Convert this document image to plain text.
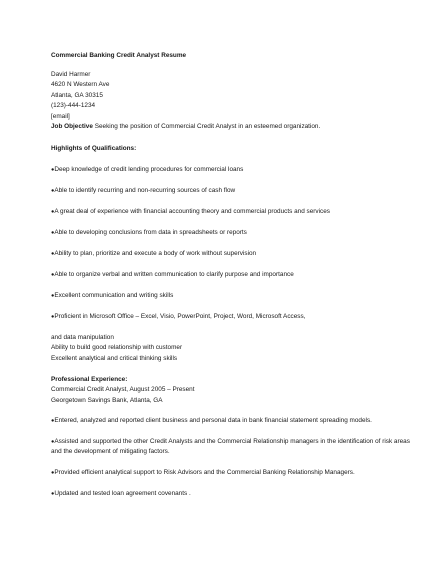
Commercial Banking Credit Analyst Resume
David Harmer
4620 N Western Ave
Atlanta, GA 30315
(123)-444-1234
[email]
Job Objective Seeking the position of Commercial Credit Analyst in an esteemed organization.
Highlights of Qualifications:
●Deep knowledge of credit lending procedures for commercial loans
●Able to identify recurring and non-recurring sources of cash flow
●A great deal of experience with financial accounting theory and commercial products and services
●Able to developing conclusions from data in spreadsheets or reports
●Ability to plan, prioritize and execute a body of work without supervision
●Able to organize verbal and written communication to clarify purpose and importance
●Excellent communication and writing skills
●Proficient in Microsoft Office – Excel, Visio, PowerPoint, Project, Word, Microsoft Access,
and data manipulation
Ability to build good relationship with customer
Excellent analytical and critical thinking skills
Professional Experience:
Commercial Credit Analyst, August 2005 – Present
Georgetown Savings Bank, Atlanta, GA
●Entered, analyzed and reported client business and personal data in bank financial statement spreading models.
●Assisted and supported the other Credit Analysts and the Commercial Relationship managers in the identification of risk areas and the development of mitigating factors.
●Provided efficient analytical support to Risk Advisors and the Commercial Banking Relationship Managers.
●Updated and tested loan agreement covenants .
